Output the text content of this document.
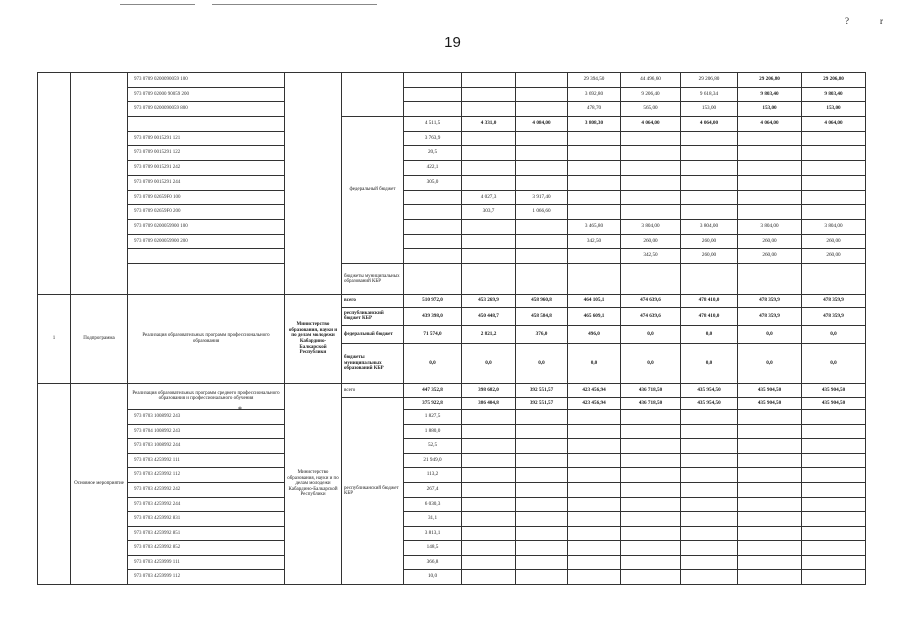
?	r
19
		973 0709 0200090059 100						29 394,50	44 496,60	29 206,80	29 206,80	29 206,80
		973 0709 02000 90059 200						3 692,80	9 206,40	9 618,34	9 803,40	9 803,40
		973 0709 0200090059 800						478,70	565,00	153,00	153,00	153,00
				федеральный бюджет	4 511,5	4 331,0	4 084,00	3 808,30	4 064,00	4 064,00	4 064,00	4 064,00
		973 0709 0015291 121			3 763,9							
		973 0709 0015291 122			20,5							
		973 0709 0015291 242			422,1							
		973 0709 0015291 244			305,0							
		973 0709 02659F0 100				4 027,3	3 917,40					
		973 0709 02659F0 200				303,7	1 066,60					
		973 0709 0200059900 100						3 465,80	3 804,00	3 804,00	3 804,00	3 804,00
		973 0709 0200059900 200						342,50	260,00	260,00	260,00	260,00
									342,50	260,00	260,00	260,00
				бюджеты муниципальных образований КБР								
1	Подпрограмма	Реализация образовательных программ профессионального образования	Министерство образования, науки и по делам молодежи Кабардино-Балкарской Республики	всего	510 972,0	453 269,9	458 960,8	464 105,1	474 639,6	478 410,0	478 359,9	478 359,9
				республиканский бюджет КБР	439 398,0	450 448,7	458 584,8	465 609,1	474 639,6	478 410,0	478 359,9	478 359,9
				федеральный бюджет	71 574,0	2 821,2	376,0	496,0	0,0	0,0	0,0	0,0
				бюджеты муниципальных образований КБР	0,0	0,0	0,0	0,0	0,0	0,0	0,0	0,0
	Основное мероприятие	Реализация образовательных программ среднего профессионального образования и профессионального обучения	Министерство образования, науки и по делам молодежи Кабардино-Балкарской Республики	всего	447 352,8	398 682,0	392 551,57	423 456,94	436 718,50	435 954,50	435 904,50	435 904,50
				республиканский бюджет КБР	375 922,8	386 404,8	392 551,57	423 456,94	436 718,50	435 954,50	435 904,50	435 904,50
		973 0703 1008992 243			1 827,5							
		973 0704 1008992 243			1 880,0							
		973 0703 1008992 244			52,5							
		973 0703 4259992 111			21 949,0							
		973 0703 4259992 112			113,2							
		973 0703 4259992 242			267,4							
		973 0703 4259992 244			6 030,3							
		973 0703 4259992 831			31,1							
		973 0703 4259992 851			3 813,1							
		973 0703 4259992 852			148,5							
		973 0703 4259999 111			366,8							
		973 0703 4259999 112			10,0							
*
